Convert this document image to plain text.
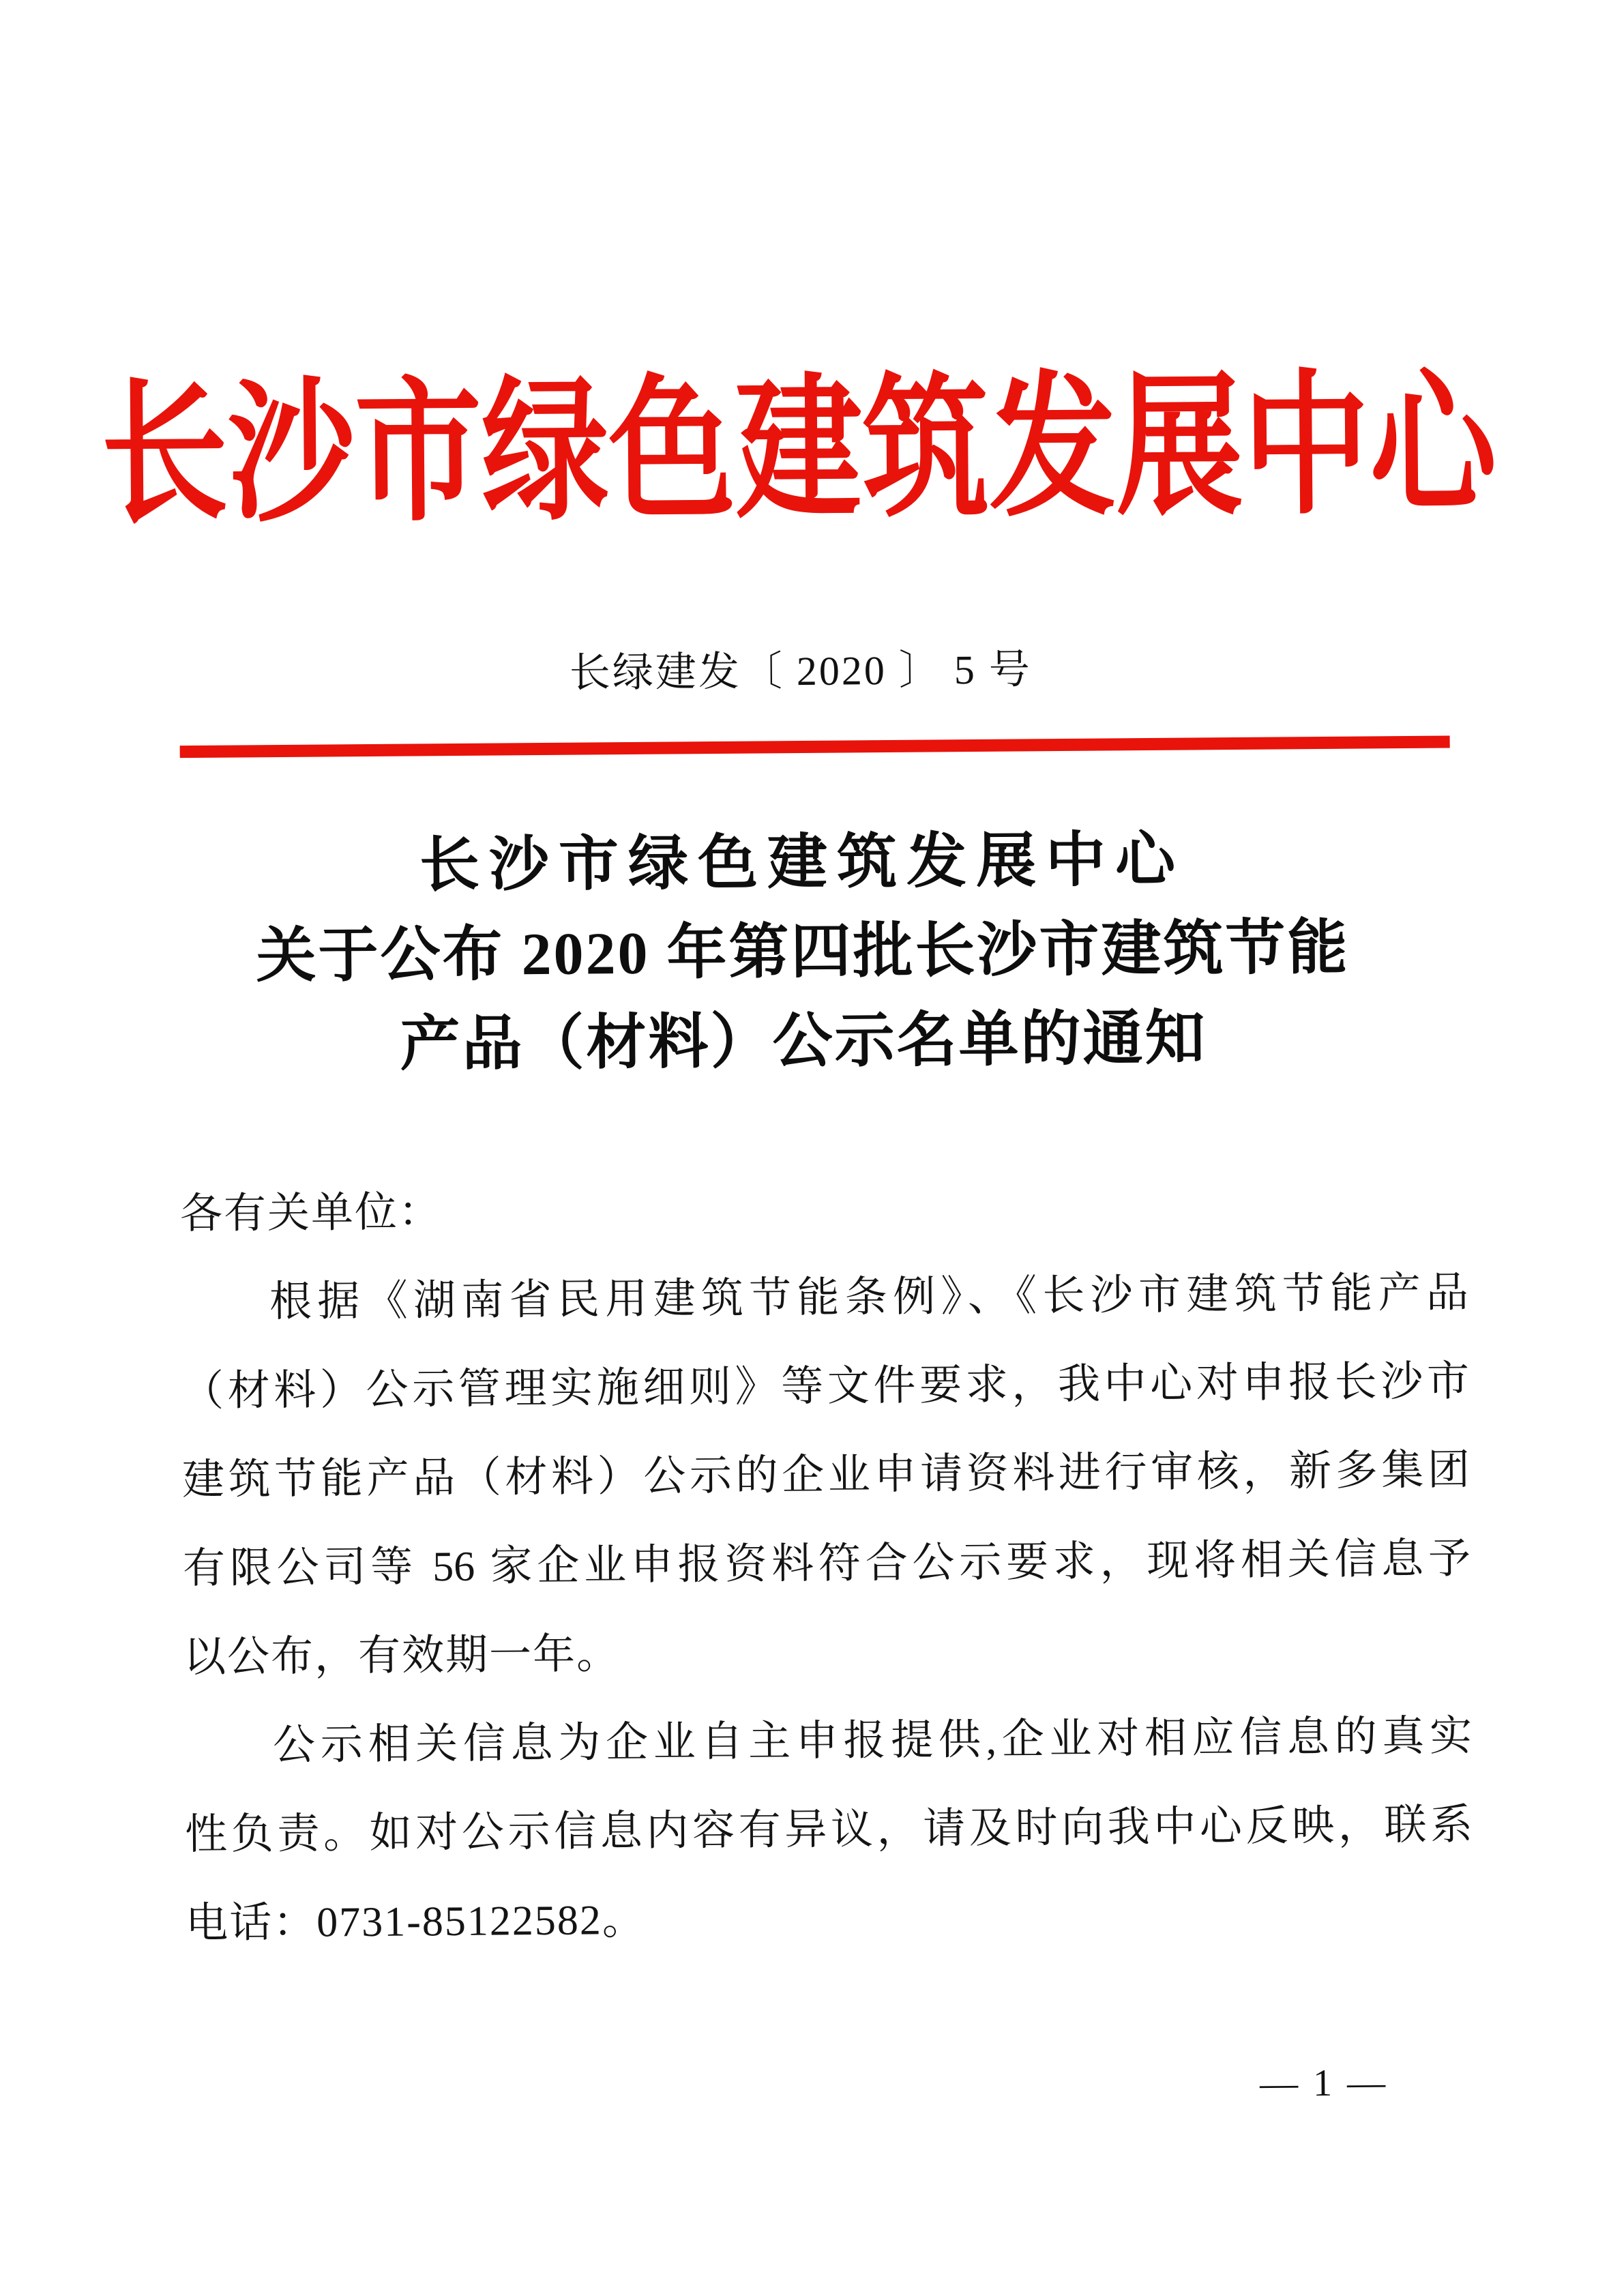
长沙市绿色建筑发展中心
长绿建发〔 2020 〕 5 号
长沙市绿色建筑发展中心
关于公布 2020 年第四批长沙市建筑节能
产品（材料）公示名单的通知
各有关单位：
根据《湖南省民用建筑节能条例》、《长沙市建筑节能产品
（材料）公示管理实施细则》等文件要求，我中心对申报长沙市
建筑节能产品（材料）公示的企业申请资料进行审核，新多集团
有限公司等 56 家企业申报资料符合公示要求，现将相关信息予
以公布，有效期一年。
公示相关信息为企业自主申报提供,企业对相应信息的真实
性负责。如对公示信息内容有异议，请及时向我中心反映，联系
电话：0731-85122582。
— 1 —
